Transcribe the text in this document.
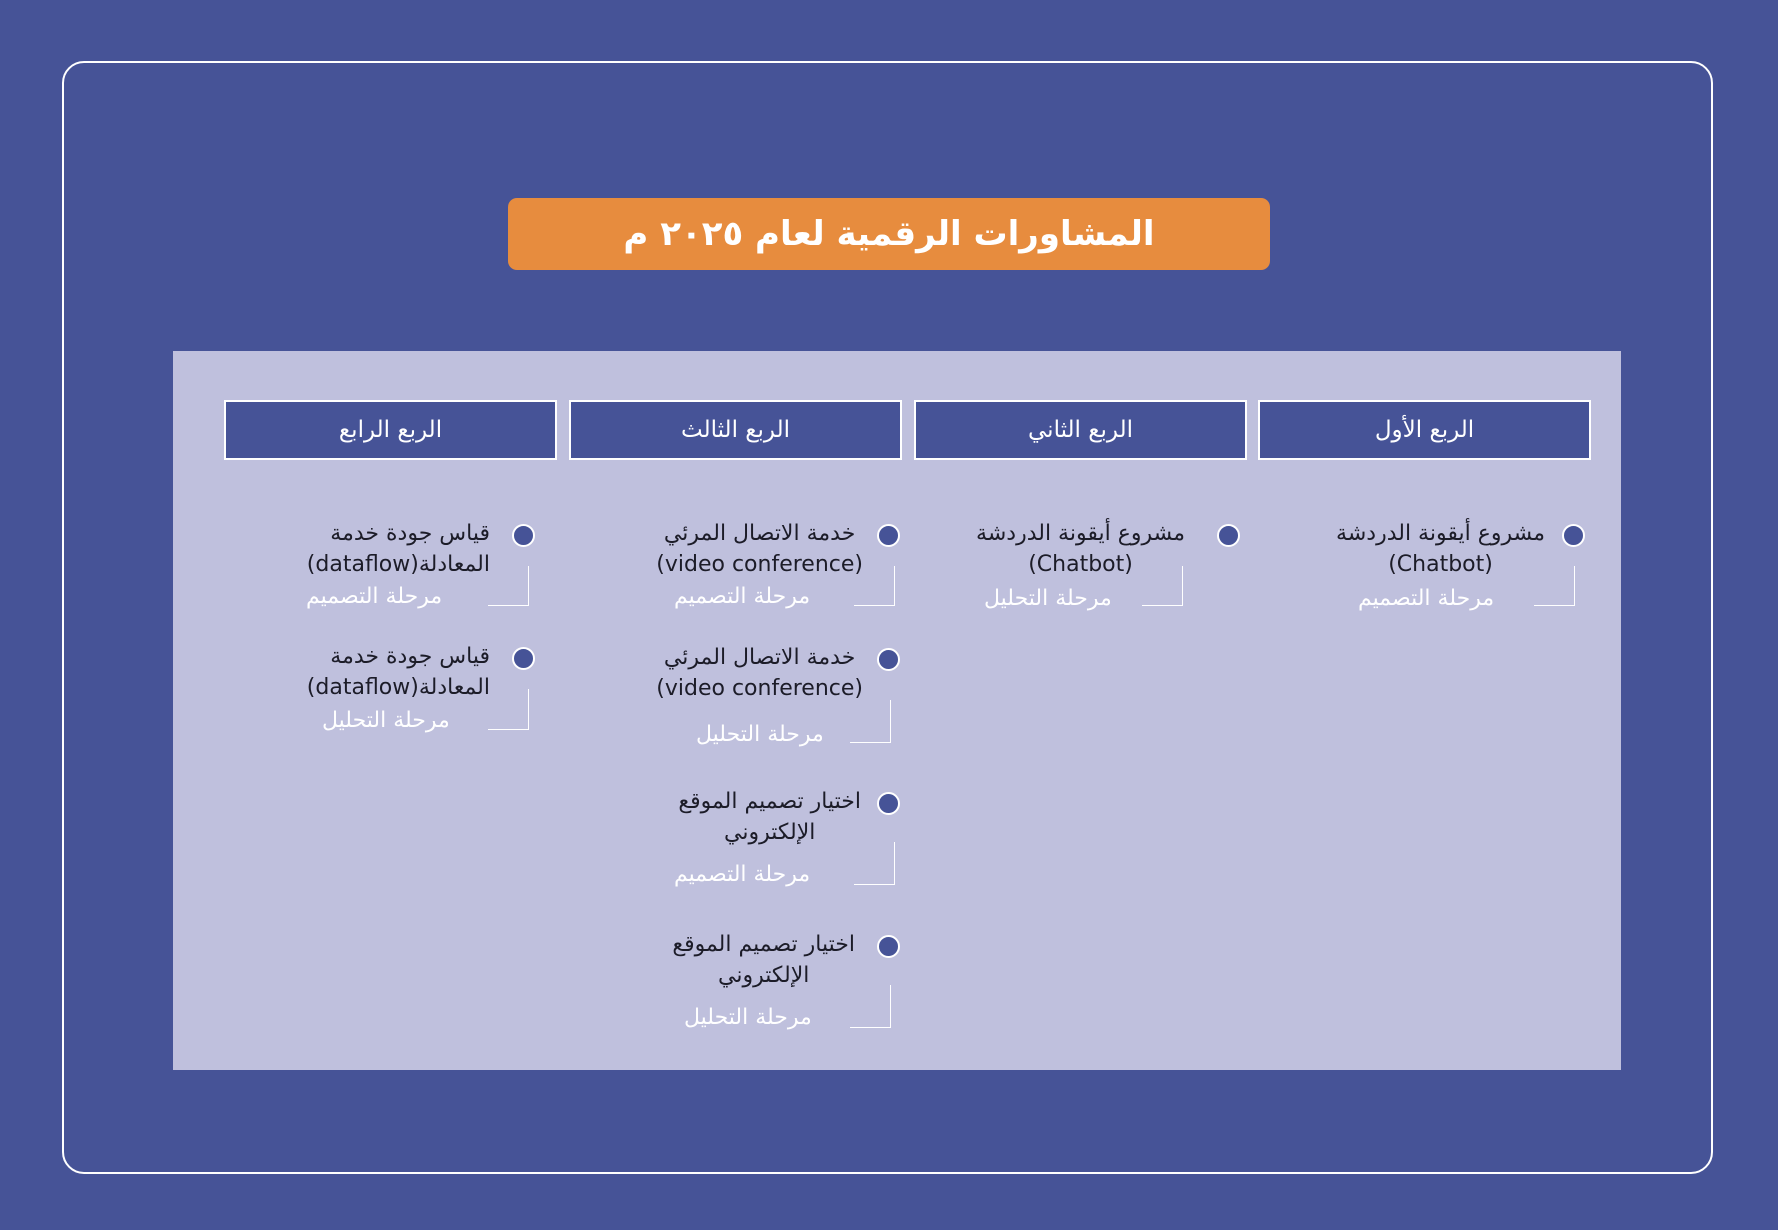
المشاورات الرقمية لعام ٢٠٢٥ م
الربع الأول
الربع الثاني
الربع الثالث
الربع الرابع
مشروع أيقونة الدردشة
(Chatbot)
مرحلة التصميم
مشروع أيقونة الدردشة
(Chatbot)
مرحلة التحليل
خدمة الاتصال المرئي
(video conference)
مرحلة التصميم
خدمة الاتصال المرئي
(video conference)
مرحلة التحليل
اختيار تصميم الموقع
الإلكتروني
مرحلة التصميم
اختيار تصميم الموقع
الإلكتروني
مرحلة التحليل
قياس جودة خدمة
المعادلة(dataflow)
مرحلة التصميم
قياس جودة خدمة
المعادلة(dataflow)
مرحلة التحليل
